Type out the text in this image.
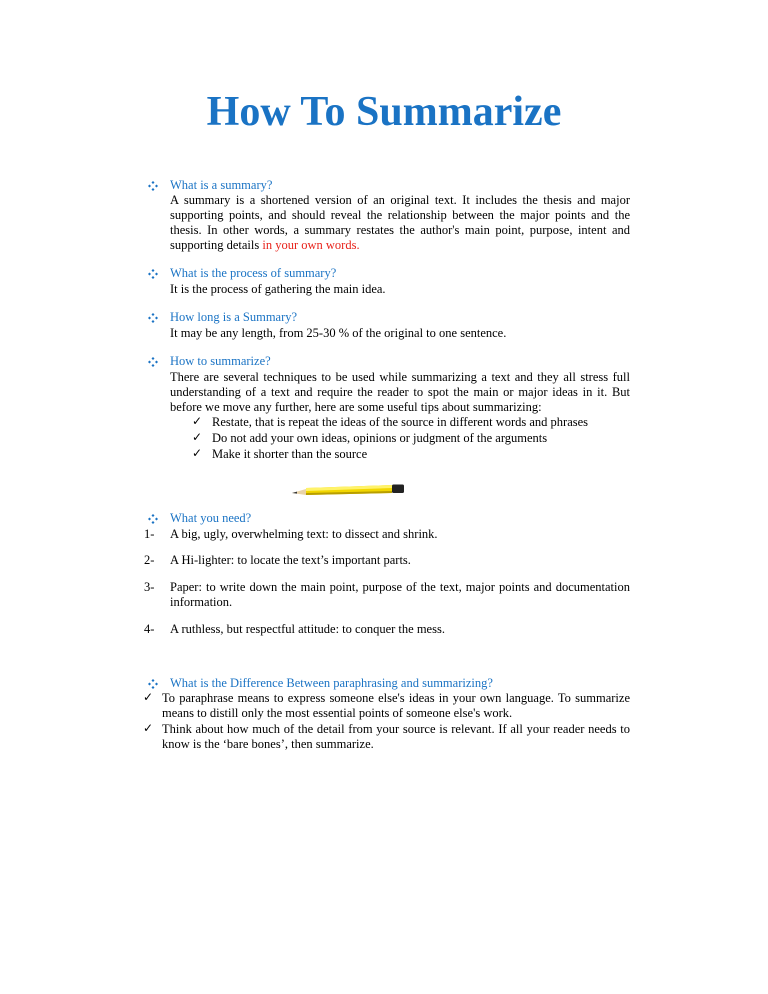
How To Summarize
What is a summary?
A summary is a shortened version of an original text. It includes the thesis and major supporting points, and should reveal the relationship between the major points and the thesis. In other words, a summary restates the author's main point, purpose, intent and supporting details in your own words.
What is the process of summary?
It is the process of gathering the main idea.
How long is a Summary?
It may be any length, from 25-30 % of the original to one sentence.
How to summarize?
There are several techniques to be used while summarizing a text and they all stress full understanding of a text and require the reader to spot the main or major ideas in it. But before we move any further, here are some useful tips about summarizing:
✓ Restate, that is repeat the ideas of the source in different words and phrases
✓ Do not add your own ideas, opinions or judgment of the arguments
✓ Make it shorter than the source
What you need?
1- A big, ugly, overwhelming text: to dissect and shrink.
2- A Hi-lighter: to locate the text’s important parts.
3- Paper: to write down the main point, purpose of the text, major points and documentation information.
4- A ruthless, but respectful attitude: to conquer the mess.
What is the Difference Between paraphrasing and summarizing?
✓ To paraphrase means to express someone else's ideas in your own language. To summarize means to distill only the most essential points of someone else's work.
✓ Think about how much of the detail from your source is relevant. If all your reader needs to know is the ‘bare bones’, then summarize.
